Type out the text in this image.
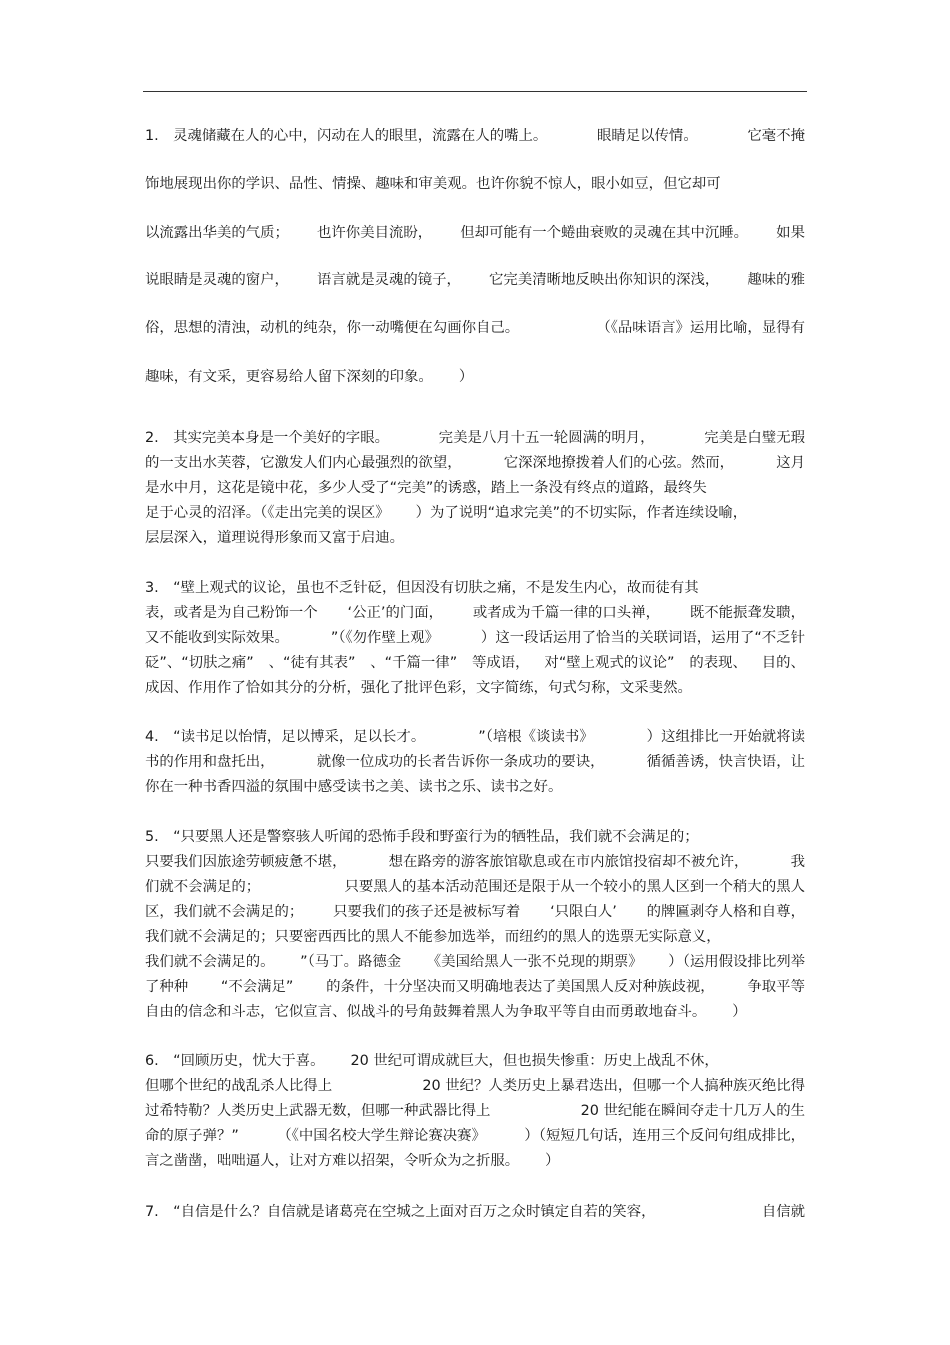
1.　灵魂储藏在人的心中，闪动在人的眼里，流露在人的嘴上。	眼睛足以传情。	它毫不掩
饰地展现出你的学识、品性、情操、趣味和审美观。也许你貌不惊人，眼小如豆，但它却可
以流露出华美的气质； 也许你美目流盼， 但却可能有一个蜷曲衰败的灵魂在其中沉睡。 如果
说眼睛是灵魂的窗户， 语言就是灵魂的镜子， 它完美清晰地反映出你知识的深浅， 趣味的雅
俗，思想的清浊，动机的纯杂，你一动嘴便在勾画你自己。	（《品味语言》运用比喻，显得有
趣味，有文采，更容易给人留下深刻的印象。 ）
2.　其实完美本身是一个美好的字眼。	完美是八月十五一轮圆满的明月，	完美是白璧无瑕
的一支出水芙蓉，它激发人们内心最强烈的欲望，	它深深地撩拨着人们的心弦。然而，	这月
是水中月，这花是镜中花，多少人受了“完美”的诱惑，踏上一条没有终点的道路，最终失
足于心灵的沼泽。（《走出完美的误区》 ）为了说明“追求完美”的不切实际，作者连续设喻，
层层深入，道理说得形象而又富于启迪。
3.　“壁上观式的议论，虽也不乏针砭，但因没有切肤之痛，不是发生内心，故而徒有其
表，或者是为自己粉饰一个 ‘公正’的门面， 或者成为千篇一律的口头禅， 既不能振聋发聩，
又不能收到实际效果。	”（《勿作壁上观》	）这一段话运用了恰当的关联词语，运用了“不乏针
砭”、“切肤之痛” 、“徒有其表” 、“千篇一律” 等成语， 对“壁上观式的议论” 的表现、 目的、
成因、作用作了恰如其分的分析，强化了批评色彩，文字简练，句式匀称，文采斐然。
4.　“读书足以怡情，足以博采，足以长才。	”（培根《谈读书》	）这组排比一开始就将读
书的作用和盘托出，	就像一位成功的长者告诉你一条成功的要诀，	循循善诱，快言快语，让
你在一种书香四溢的氛围中感受读书之美、读书之乐、读书之好。
5.　“只要黑人还是警察骇人听闻的恐怖手段和野蛮行为的牺牲品，我们就不会满足的；
只要我们因旅途劳顿疲惫不堪，	想在路旁的游客旅馆歇息或在市内旅馆投宿却不被允许，	我
们就不会满足的；	只要黑人的基本活动范围还是限于从一个较小的黑人区到一个稍大的黑人
区，我们就不会满足的； 只要我们的孩子还是被标写着 ‘只限白人’ 的牌匾剥夺人格和自尊，
我们就不会满足的；只要密西西比的黑人不能参加选举，而纽约的黑人的选票无实际意义，
我们就不会满足的。 ”（马丁。路德金 《美国给黑人一张不兑现的期票》 ）（运用假设排比列举
了种种 “不会满足” 的条件，十分坚决而又明确地表达了美国黑人反对种族歧视， 争取平等
自由的信念和斗志，它似宣言、似战斗的号角鼓舞着黑人为争取平等自由而勇敢地奋斗。 ）
6.　“回顾历史，忧大于喜。 20 世纪可谓成就巨大，但也损失惨重：历史上战乱不休，
但哪个世纪的战乱杀人比得上	20 世纪？人类历史上暴君迭出，但哪一个人搞种族灭绝比得
过希特勒？人类历史上武器无数，但哪一种武器比得上	20 世纪能在瞬间夺走十几万人的生
命的原子弹？”	（《中国名校大学生辩论赛决赛》	）（短短几句话，连用三个反问句组成排比，
言之凿凿，咄咄逼人，让对方难以招架，令听众为之折服。 ）
7.　“自信是什么？自信就是诸葛亮在空城之上面对百万之众时镇定自若的笑容，	自信就
